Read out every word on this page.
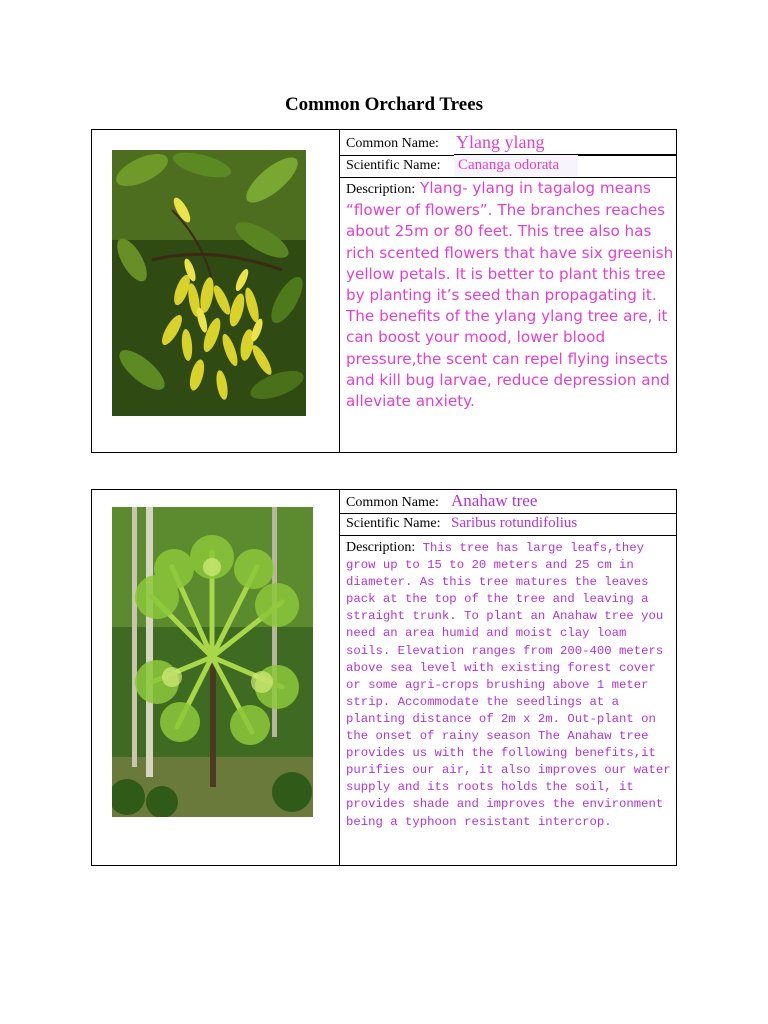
Common Orchard Trees
Common Name: Ylang ylang
Scientific Name: Cananga odorata
Description: Ylang- ylang in tagalog means “flower of flowers”. The branches reaches about 25m or 80 feet. This tree also has rich scented flowers that have six greenish yellow petals. It is better to plant this tree by planting it’s seed than propagating it. The benefits of the ylang ylang tree are, it can boost your mood, lower blood pressure,the scent can repel flying insects and kill bug larvae, reduce depression and alleviate anxiety.
Common Name: Anahaw tree
Scientific Name: Saribus rotundifolius
Description: This tree has large leafs,they grow up to 15 to 20 meters and 25 cm in diameter. As this tree matures the leaves pack at the top of the tree and leaving a straight trunk. To plant an Anahaw tree you need an area humid and moist clay loam soils. Elevation ranges from 200-400 meters above sea level with existing forest cover or some agri-crops brushing above 1 meter strip. Accommodate the seedlings at a planting distance of 2m x 2m. Out-plant on the onset of rainy season The Anahaw tree provides us with the following benefits,it purifies our air, it also improves our water supply and its roots holds the soil, it provides shade and improves the environment being a typhoon resistant intercrop.
